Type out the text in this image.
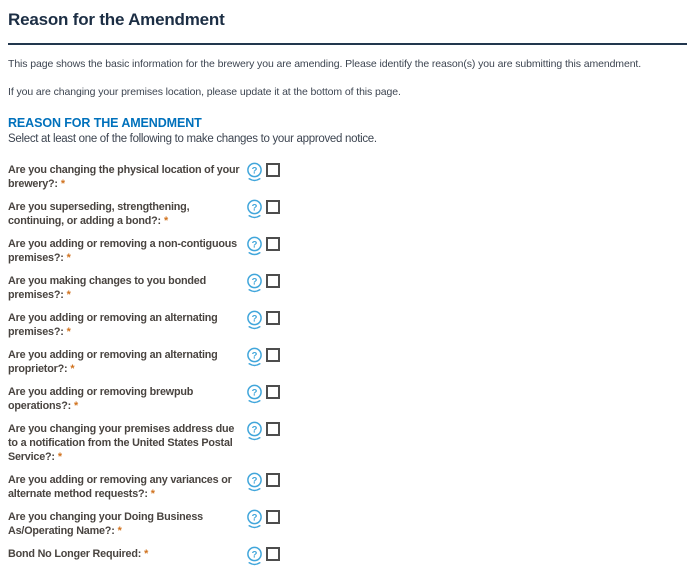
Reason for the Amendment

This page shows the basic information for the brewery you are amending. Please identify the reason(s) you are submitting this amendment.

If you are changing your premises location, please update it at the bottom of this page.

REASON FOR THE AMENDMENT

Select at least one of the following to make changes to your approved notice.

Are you changing the physical location of your brewery?: *
?
Are you superseding, strengthening, continuing, or adding a bond?: *
?
Are you adding or removing a non-contiguous premises?: *
?
Are you making changes to you bonded premises?: *
?
Are you adding or removing an alternating premises?: *
?
Are you adding or removing an alternating proprietor?: *
?
Are you adding or removing brewpub operations?: *
?
Are you changing your premises address due to a notification from the United States Postal Service?: *
?
Are you adding or removing any variances or alternate method requests?: *
?
Are you changing your Doing Business As/Operating Name?: *
?
Bond No Longer Required: *	?
